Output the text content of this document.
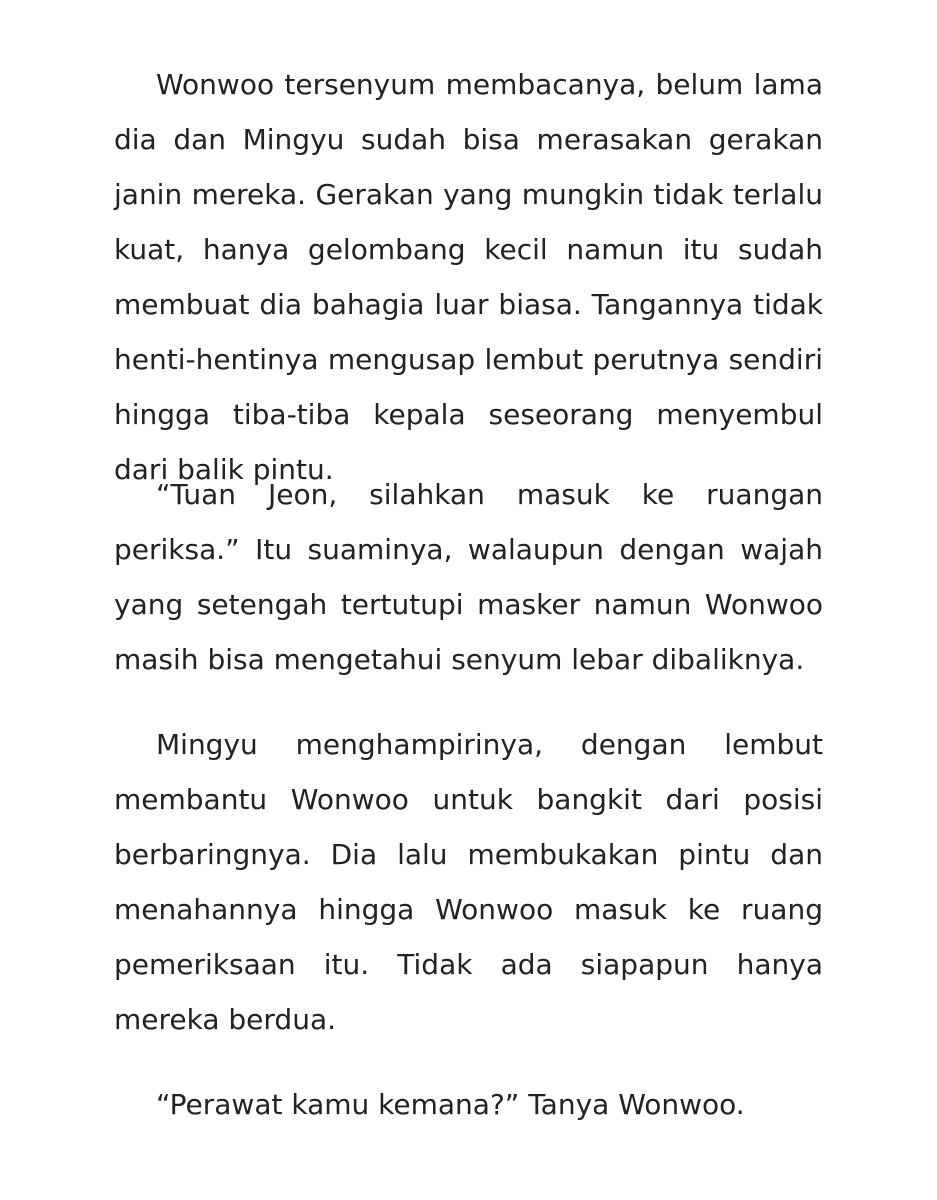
Wonwoo tersenyum membacanya, belum lama dia dan Mingyu sudah bisa merasakan gerakan janin mereka. Gerakan yang mungkin tidak terlalu kuat, hanya gelombang kecil namun itu sudah membuat dia bahagia luar biasa. Tangannya tidak henti-hentinya mengusap lembut perutnya sendiri hingga tiba-tiba kepala seseorang menyembul dari balik pintu.

“Tuan Jeon, silahkan masuk ke ruangan periksa.” Itu suaminya, walaupun dengan wajah yang setengah tertutupi masker namun Wonwoo masih bisa mengetahui senyum lebar dibaliknya.

Mingyu menghampirinya, dengan lembut membantu Wonwoo untuk bangkit dari posisi berbaringnya. Dia lalu membukakan pintu dan menahannya hingga Wonwoo masuk ke ruang pemeriksaan itu. Tidak ada siapapun hanya mereka berdua.

“Perawat kamu kemana?” Tanya Wonwoo.
